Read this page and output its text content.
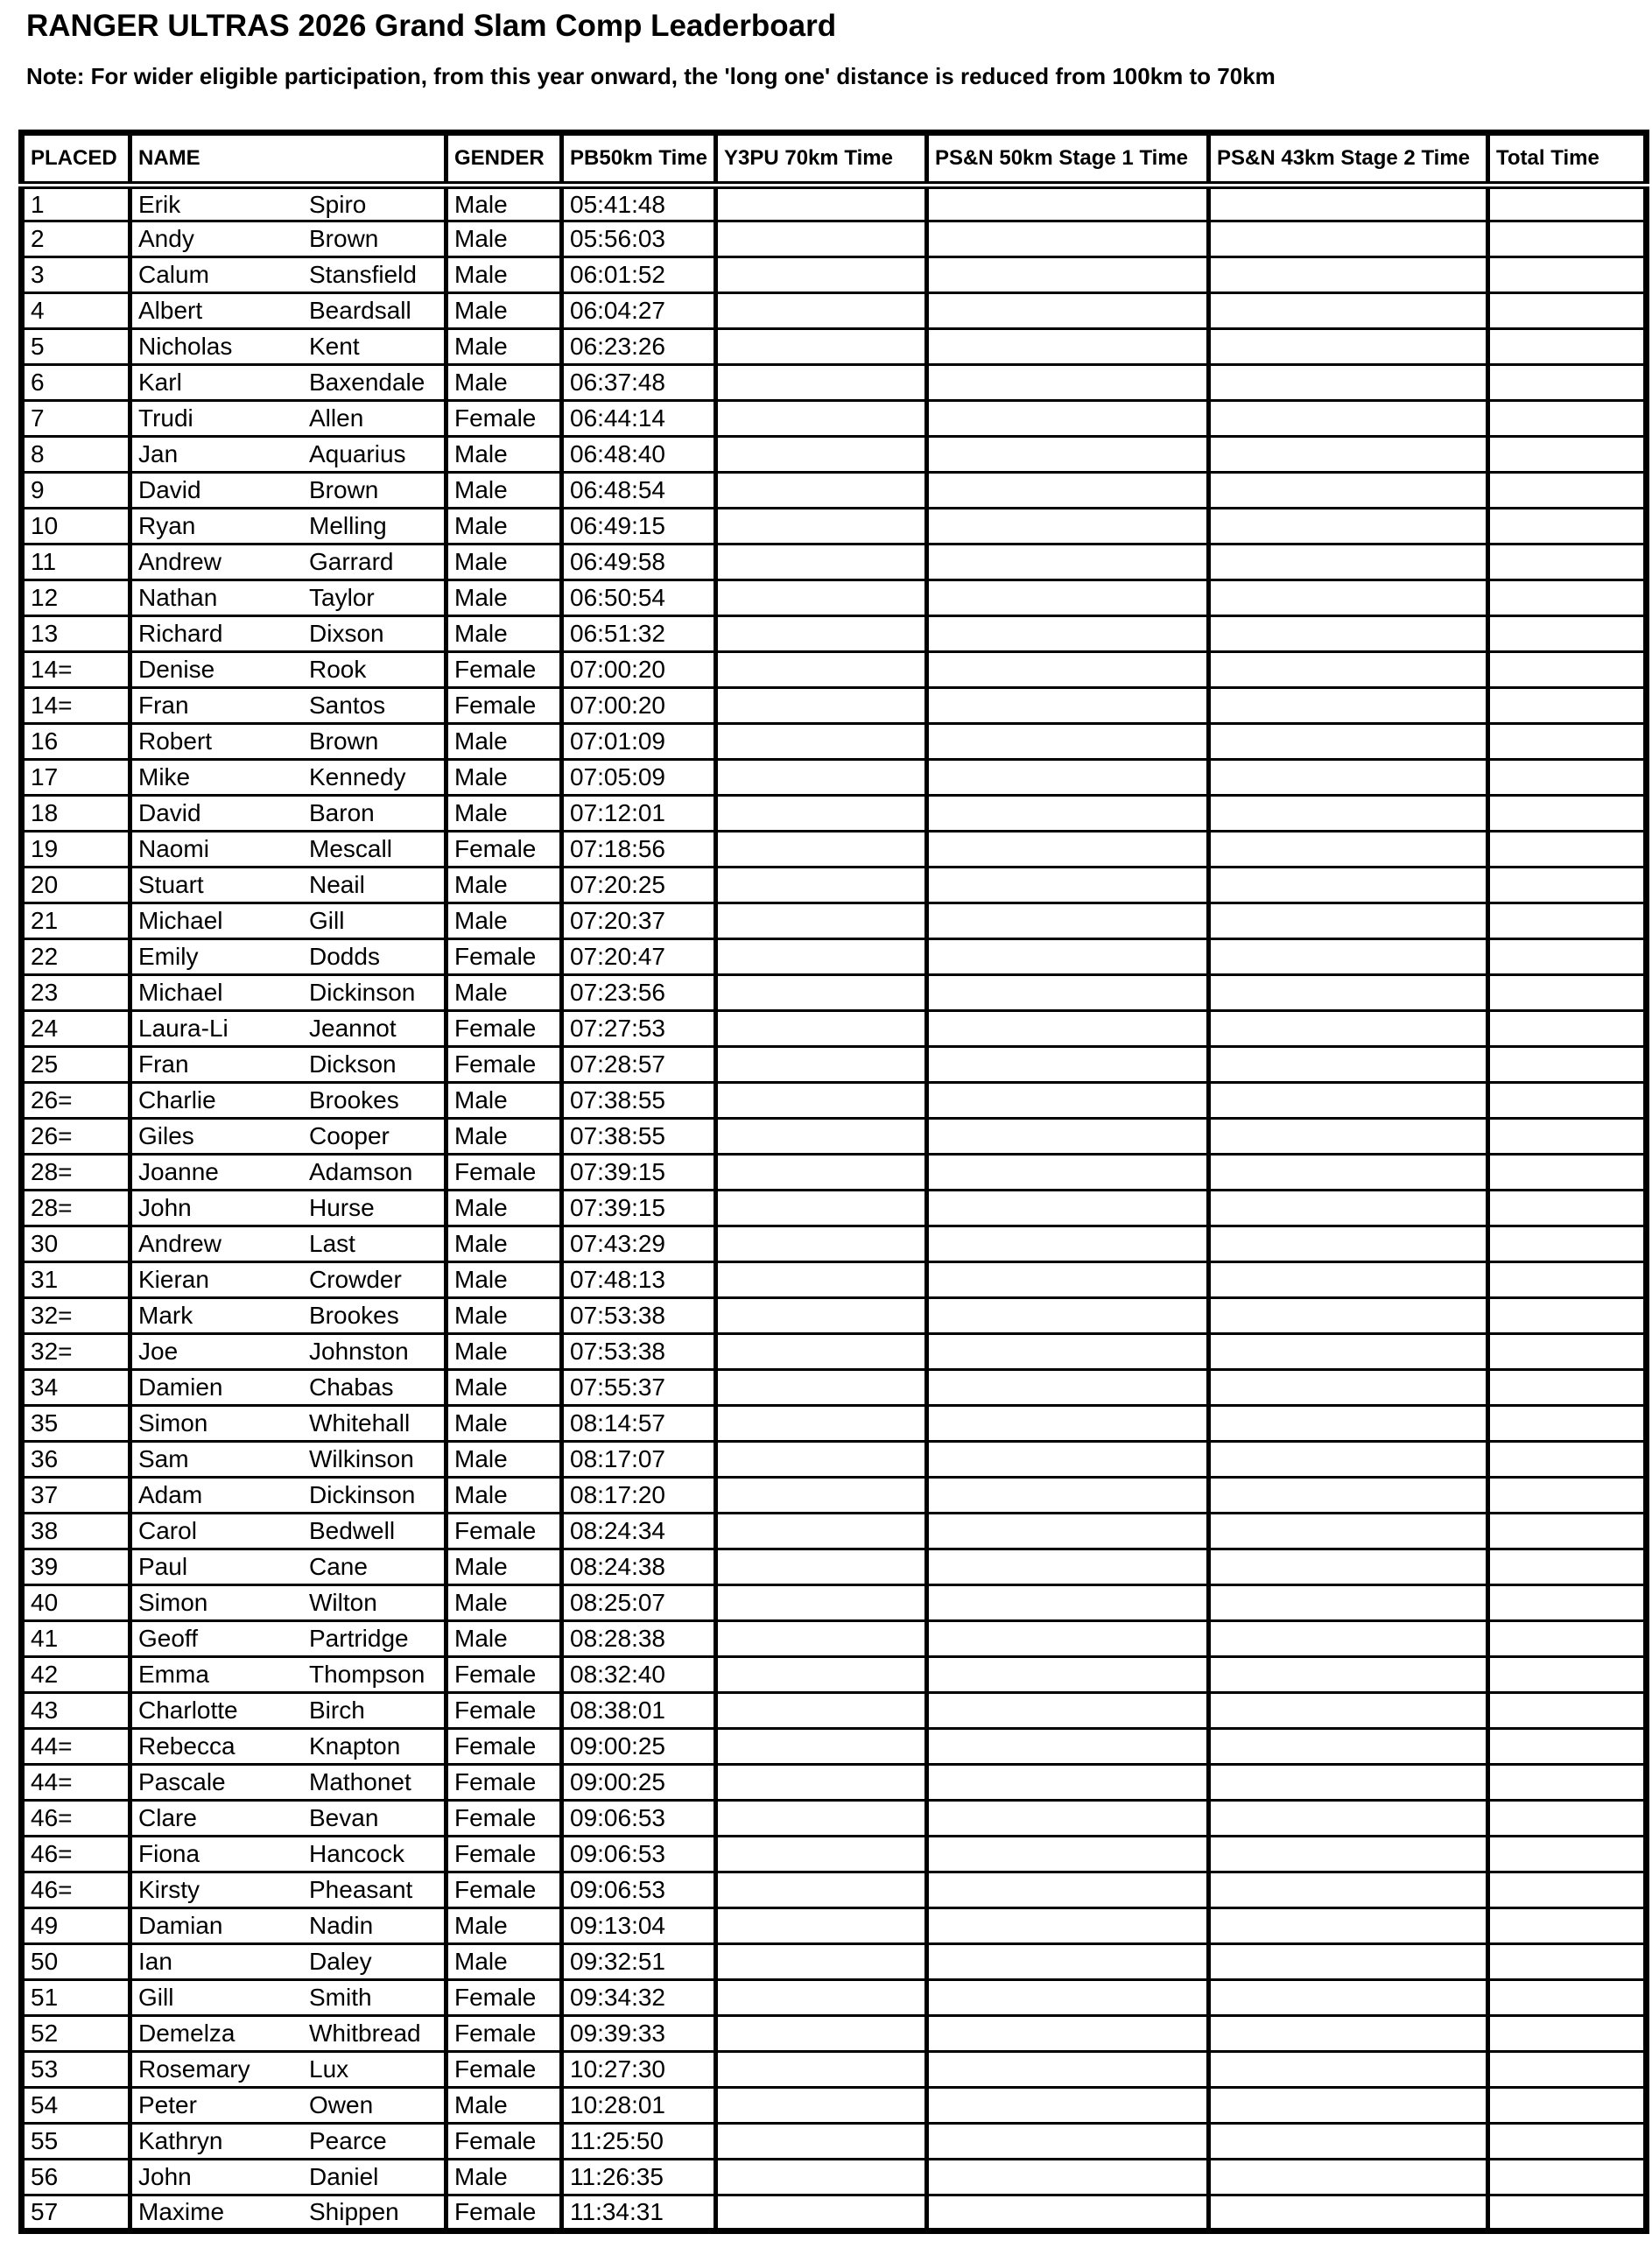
RANGER ULTRAS 2026 Grand Slam Comp Leaderboard
Note: For wider eligible participation, from this year onward, the 'long one' distance is reduced from 100km to 70km
PLACED	NAME	GENDER	PB50km Time	Y3PU 70km Time	PS&N 50km Stage 1 Time	PS&N 43km Stage 2 Time	Total Time
1	Erik Spiro	Male	05:41:48				
2	Andy Brown	Male	05:56:03				
3	Calum Stansfield	Male	06:01:52				
4	Albert Beardsall	Male	06:04:27				
5	Nicholas Kent	Male	06:23:26				
6	Karl Baxendale	Male	06:37:48				
7	Trudi Allen	Female	06:44:14				
8	Jan Aquarius	Male	06:48:40				
9	David Brown	Male	06:48:54				
10	Ryan Melling	Male	06:49:15				
11	Andrew Garrard	Male	06:49:58				
12	Nathan Taylor	Male	06:50:54				
13	Richard Dixson	Male	06:51:32				
14=	Denise Rook	Female	07:00:20				
14=	Fran Santos	Female	07:00:20				
16	Robert Brown	Male	07:01:09				
17	Mike Kennedy	Male	07:05:09				
18	David Baron	Male	07:12:01				
19	Naomi Mescall	Female	07:18:56				
20	Stuart Neail	Male	07:20:25				
21	Michael Gill	Male	07:20:37				
22	Emily Dodds	Female	07:20:47				
23	Michael Dickinson	Male	07:23:56				
24	Laura-Li Jeannot	Female	07:27:53				
25	Fran Dickson	Female	07:28:57				
26=	Charlie Brookes	Male	07:38:55				
26=	Giles Cooper	Male	07:38:55				
28=	Joanne Adamson	Female	07:39:15				
28=	John Hurse	Male	07:39:15				
30	Andrew Last	Male	07:43:29				
31	Kieran Crowder	Male	07:48:13				
32=	Mark Brookes	Male	07:53:38				
32=	Joe Johnston	Male	07:53:38				
34	Damien Chabas	Male	07:55:37				
35	Simon Whitehall	Male	08:14:57				
36	Sam Wilkinson	Male	08:17:07				
37	Adam Dickinson	Male	08:17:20				
38	Carol Bedwell	Female	08:24:34				
39	Paul Cane	Male	08:24:38				
40	Simon Wilton	Male	08:25:07				
41	Geoff Partridge	Male	08:28:38				
42	Emma Thompson	Female	08:32:40				
43	Charlotte Birch	Female	08:38:01				
44=	Rebecca Knapton	Female	09:00:25				
44=	Pascale Mathonet	Female	09:00:25				
46=	Clare Bevan	Female	09:06:53				
46=	Fiona Hancock	Female	09:06:53				
46=	Kirsty Pheasant	Female	09:06:53				
49	Damian Nadin	Male	09:13:04				
50	Ian Daley	Male	09:32:51				
51	Gill Smith	Female	09:34:32				
52	Demelza Whitbread	Female	09:39:33				
53	Rosemary Lux	Female	10:27:30				
54	Peter Owen	Male	10:28:01				
55	Kathryn Pearce	Female	11:25:50				
56	John Daniel	Male	11:26:35				
57	Maxime Shippen	Female	11:34:31				
